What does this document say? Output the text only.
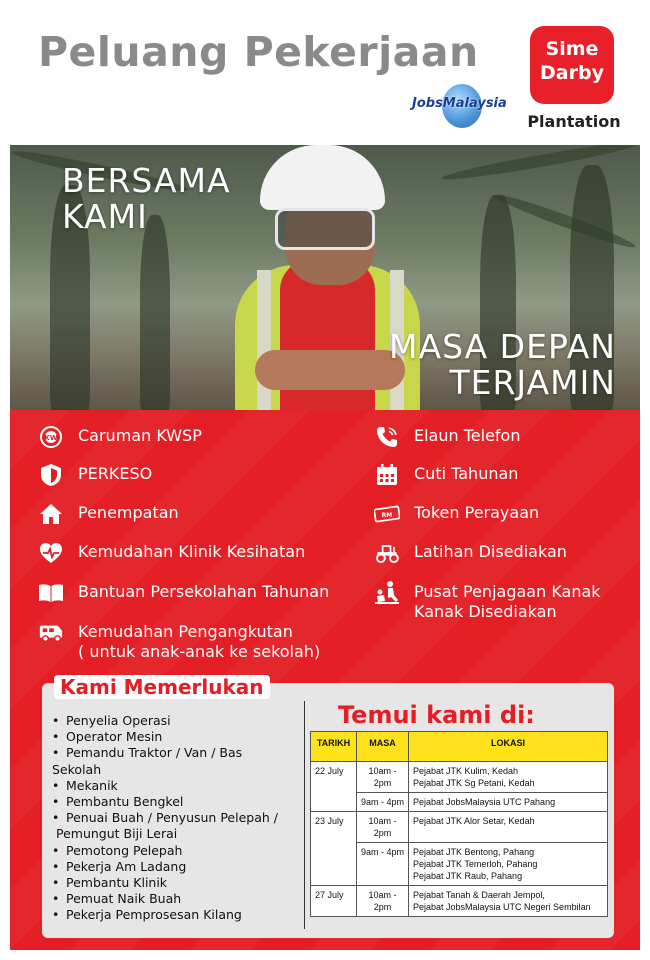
Peluang Pekerjaan
JobsMalaysia
Sime
Darby
Plantation
BERSAMA
KAMI
MASA DEPAN
TERJAMIN
KW Caruman KWSP
PERKESO
Penempatan
Kemudahan Klinik Kesihatan
Bantuan Persekolahan Tahunan
Kemudahan Pengangkutan
( untuk anak-anak ke sekolah)
Elaun Telefon
Cuti Tahunan
RM Token Perayaan
Latihan Disediakan
Pusat Penjagaan Kanak
Kanak Disediakan
Kami Memerlukan
• Penyelia Operasi
• Operator Mesin
• Pemandu Traktor / Van / Bas
Sekolah
• Mekanik
• Pembantu Bengkel
• Penuai Buah / Penyusun Pelepah /
Pemungut Biji Lerai
• Pemotong Pelepah
• Pekerja Am Ladang
• Pembantu Klinik
• Pemuat Naik Buah
• Pekerja Pemprosesan Kilang
Temui kami di:
TARIKH	MASA	LOKASI
22 July	10am - 2pm	Pejabat JTK Kulim, Kedah
Pejabat JTK Sg Petani, Kedah

	9am - 4pm	Pejabat JobsMalaysia UTC Pahang

23 July	10am - 2pm	Pejabat JTK Alor Setar, Kedah

	9am - 4pm	Pejabat JTK Bentong, Pahang
Pejabat JTK Temerloh, Pahang
Pejabat JTK Raub, Pahang

27 July	10am - 2pm	Pejabat Tanah & Daerah Jempol,
Pejabat JobsMalaysia UTC Negeri Sembilan
